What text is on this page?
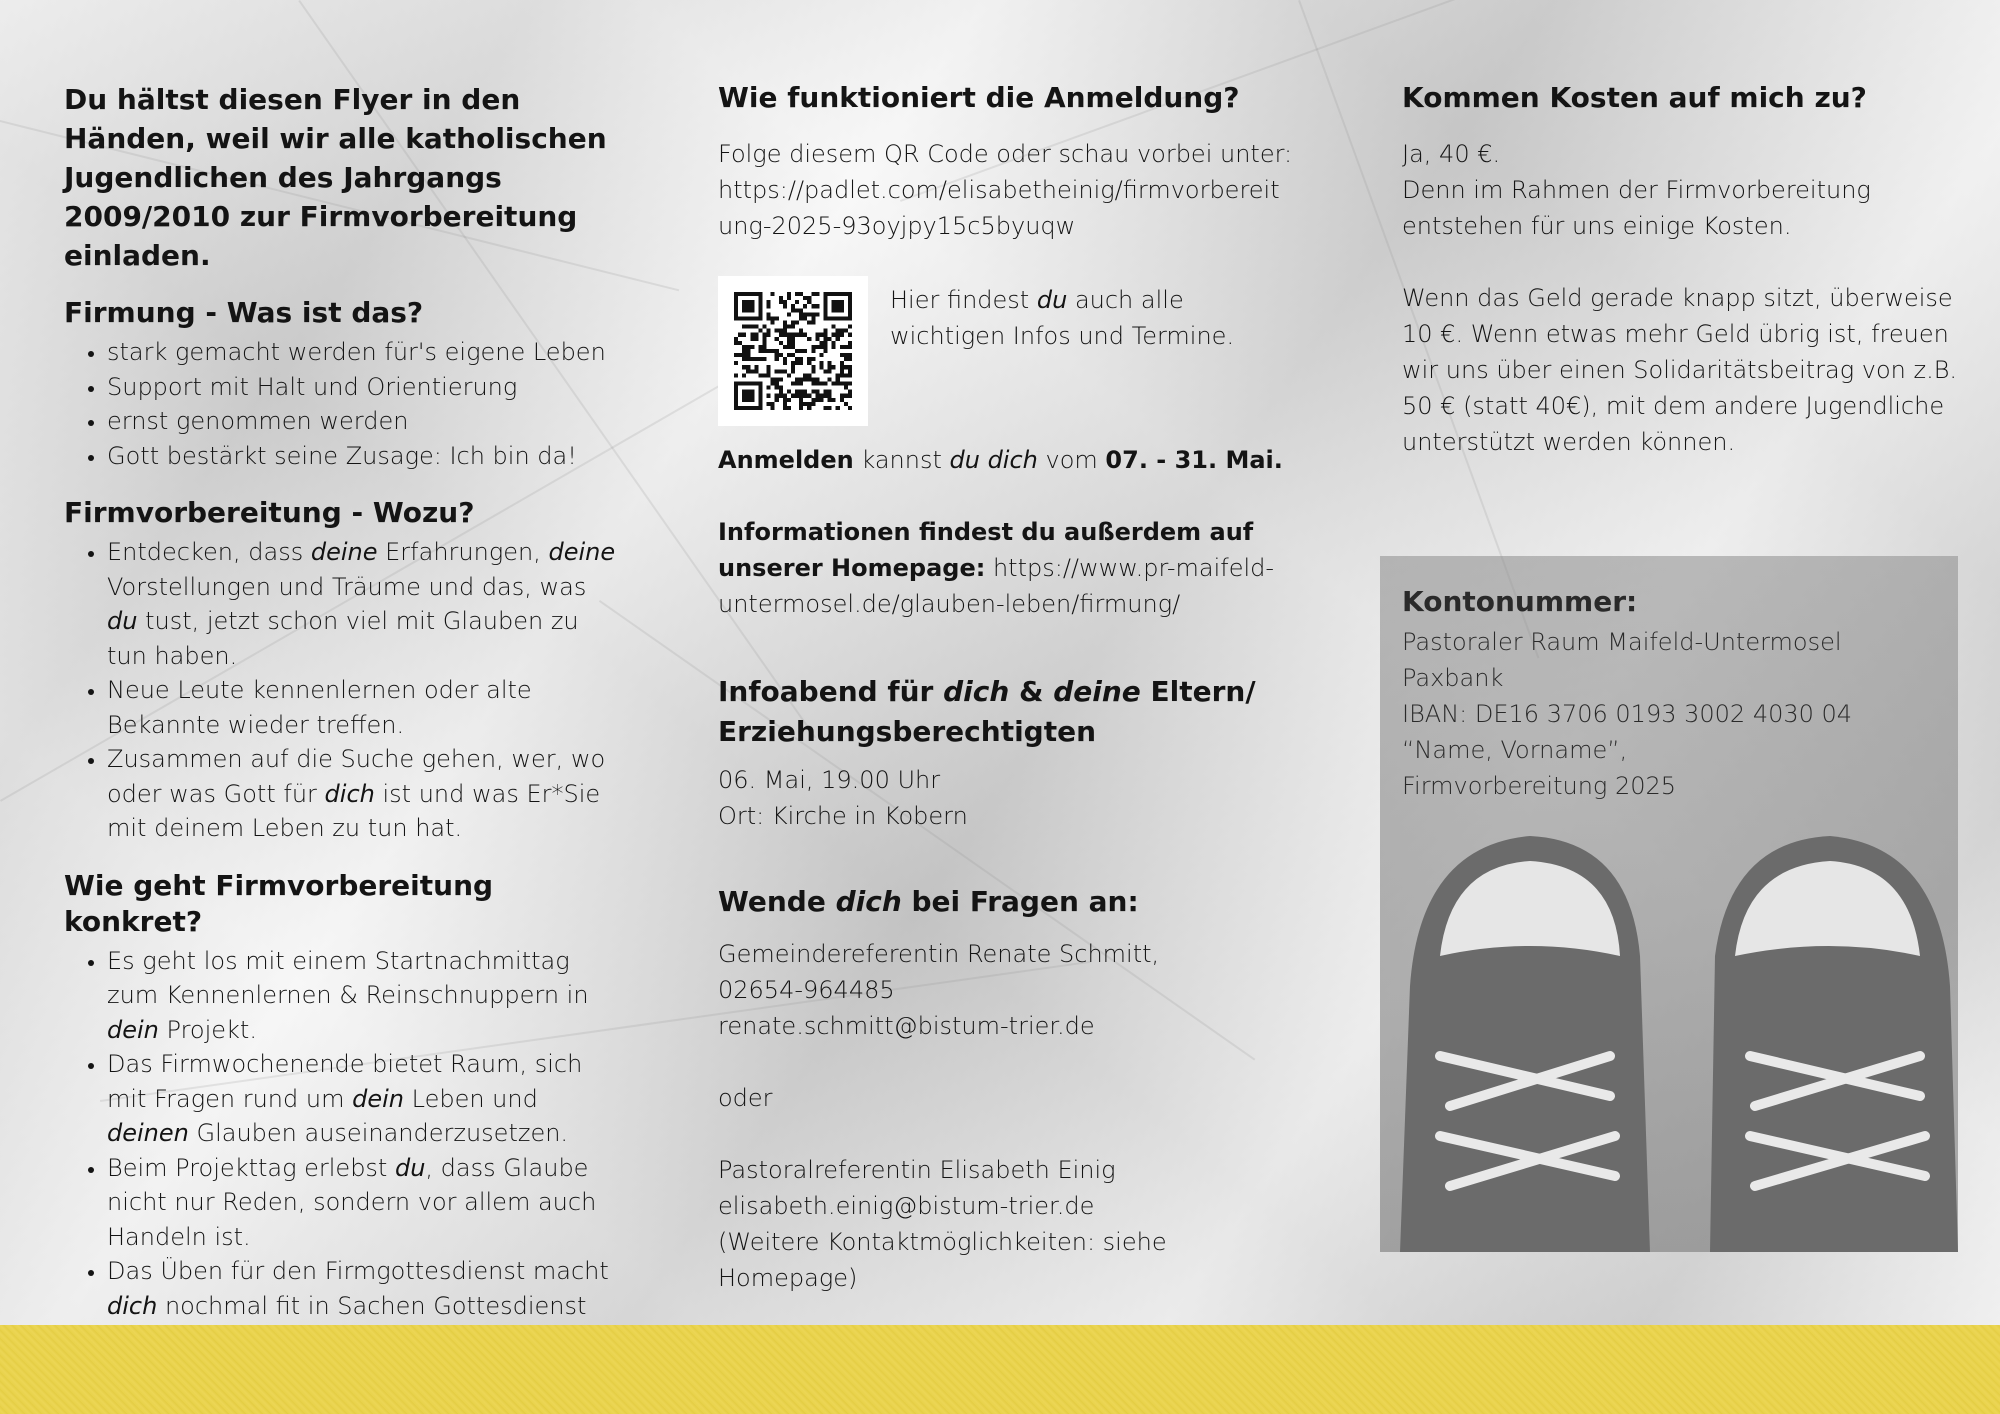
Du hältst diesen Flyer in den Händen, weil wir alle katholischen Jugendlichen des Jahrgangs 2009/2010 zur Firmvorbereitung einladen.
Firmung - Was ist das?
• stark gemacht werden für's eigene Leben
• Support mit Halt und Orientierung
• ernst genommen werden
• Gott bestärkt seine Zusage: Ich bin da!
Firmvorbereitung - Wozu?
• Entdecken, dass deine Erfahrungen, deine Vorstellungen und Träume und das, was du tust, jetzt schon viel mit Glauben zu tun haben.
• Neue Leute kennenlernen oder alte Bekannte wieder treffen.
• Zusammen auf die Suche gehen, wer, wo oder was Gott für dich ist und was Er*Sie mit deinem Leben zu tun hat.
Wie geht Firmvorbereitung konkret?
• Es geht los mit einem Startnachmittag zum Kennenlernen & Reinschnuppern in dein Projekt.
• Das Firmwochenende bietet Raum, sich mit Fragen rund um dein Leben und deinen Glauben auseinanderzusetzen.
• Beim Projekttag erlebst du, dass Glaube nicht nur Reden, sondern vor allem auch Handeln ist.
• Das Üben für den Firmgottesdienst macht dich nochmal fit in Sachen Gottesdienst
Wie funktioniert die Anmeldung?

Folge diesem QR Code oder schau vorbei unter:

https://padlet.com/elisabetheinig/firmvorbereit

ung-2025-93oyjpy15c5byuqw

Hier findest du auch alle wichtigen Infos und Termine.

Anmelden kannst du dich vom 07. - 31. Mai.

Informationen findest du außerdem auf unserer Homepage: https://www.pr-maifeld-untermosel.de/glauben-leben/firmung/

Infoabend für dich & deine Eltern/ Erziehungsberechtigten

06. Mai, 19.00 Uhr

Ort: Kirche in Kobern

Wende dich bei Fragen an:

Gemeindereferentin Renate Schmitt,

02654-964485

renate.schmitt@bistum-trier.de

oder

Pastoralreferentin Elisabeth Einig

elisabeth.einig@bistum-trier.de

(Weitere Kontaktmöglichkeiten: siehe Homepage)

Kommen Kosten auf mich zu?

Ja, 40 €.

Denn im Rahmen der Firmvorbereitung entstehen für uns einige Kosten.

Wenn das Geld gerade knapp sitzt, überweise 10 €. Wenn etwas mehr Geld übrig ist, freuen wir uns über einen Solidaritätsbeitrag von z.B. 50 € (statt 40€), mit dem andere Jugendliche unterstützt werden können.

Kontonummer:

Pastoraler Raum Maifeld-Untermosel

Paxbank

IBAN: DE16 3706 0193 3002 4030 04

“Name, Vorname”,

Firmvorbereitung 2025
